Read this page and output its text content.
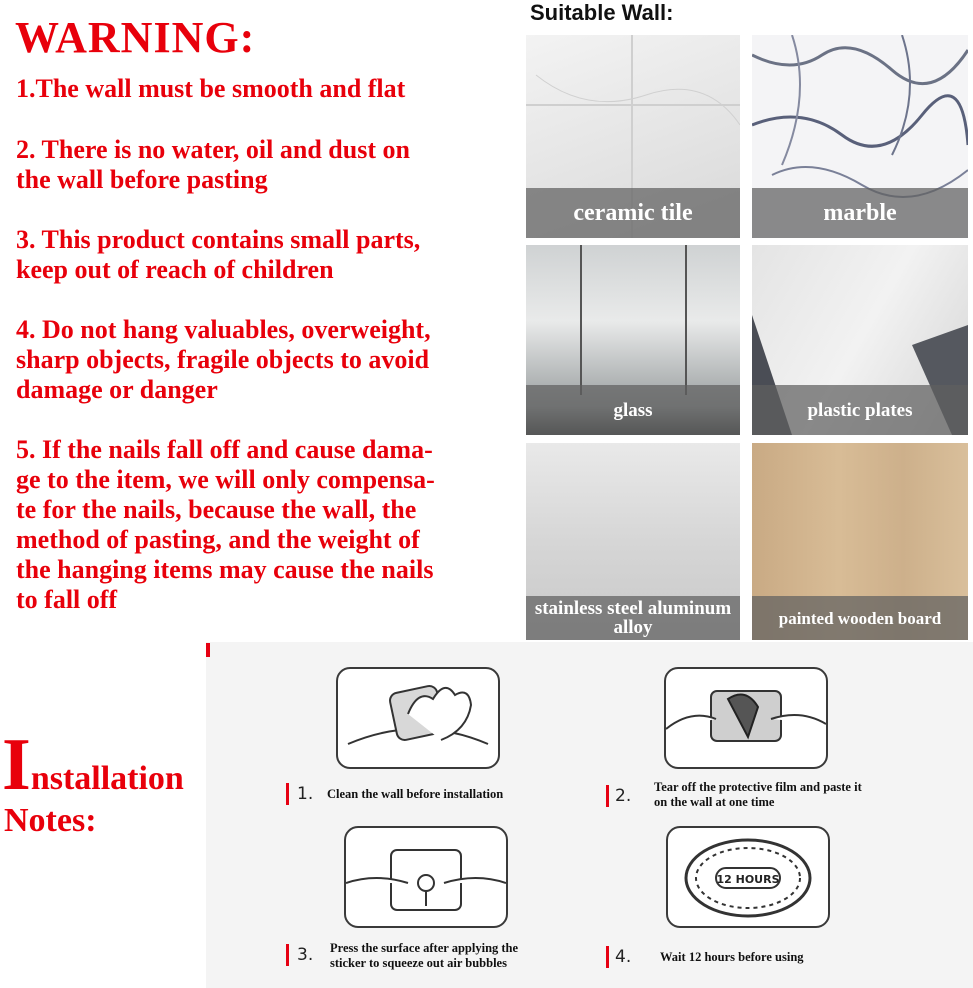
WARNING:
1.The wall must be smooth and flat
2. There is no water, oil and dust on
the wall before pasting
3. This product contains small parts,
keep out of reach of children
4. Do not hang valuables, overweight,
sharp objects, fragile objects to avoid
damage or danger
5. If the nails fall off and cause dama-
ge to the item, we will only compensa-
te for the nails, because the wall, the
method of pasting, and the weight of
the hanging items may cause the nails
to fall off
Suitable Wall:
ceramic tile	marble
glass	plastic plates
stainless steel aluminum alloy	painted wooden board
Installation
Notes:
1. Clean the wall before installation	2. Tear off the protective film and paste it
on the wall at one time
3. Press the surface after applying the
sticker to squeeze out air bubbles
12 HOURS
4. Wait 12 hours before using
